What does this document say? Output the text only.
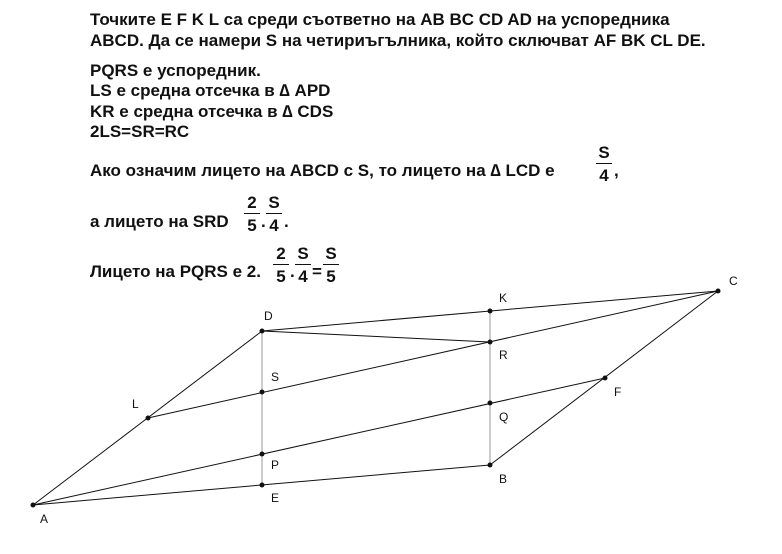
Точките E F K L са среди съответно на AB BC CD AD на успоредника
ABCD. Да се намери S на четириъгълника, който сключват AF BK CL DE.
PQRS е успоредник.
LS е средна отсечка в ∆ APD
KR е средна отсечка в ∆ CDS
2LS=SR=RC
Ако означим лицето на ABCD с S, то лицето на ∆ LCD е
S
4 ,
а лицето на SRD
2
5 .
S
4 .
Лицето на PQRS е 2.
2
5 .
S
4 =
S
5
A
B
C
D
E
F
K
L
P
Q
R
S
